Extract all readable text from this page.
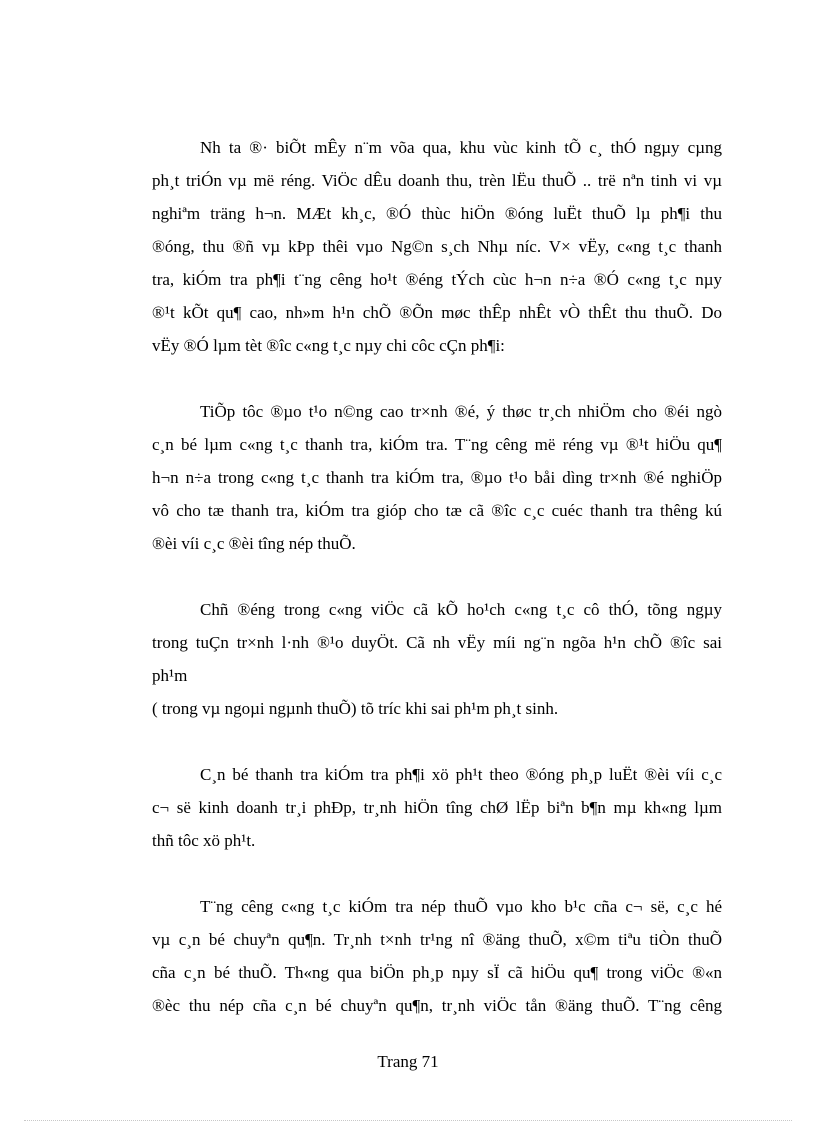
Nh ta ®· biÕt mÊy n¨m võa qua, khu vùc kinh tÕ c¸ thÓ ngµy cµng
ph¸t triÓn vµ më réng. ViÖc dÊu doanh thu, trèn lËu thuÕ .. trë nªn tinh vi vµ
nghiªm träng h¬n. MÆt kh¸c, ®Ó thùc hiÖn ®óng luËt thuÕ lµ ph¶i thu
®óng, thu ®ñ vµ kÞp thêi vµo Ng©n s¸ch Nhµ níc. V× vËy, c«ng t¸c thanh
tra, kiÓm tra ph¶i t¨ng cêng ho¹t ®éng tÝch cùc h¬n n÷a ®Ó c«ng t¸c nµy
®¹t kÕt qu¶ cao, nh»m h¹n chÕ ®Õn møc thÊp nhÊt vÒ thÊt thu thuÕ. Do
vËy ®Ó lµm tèt ®îc c«ng t¸c nµy chi côc cÇn ph¶i:
TiÕp tôc ®µo t¹o n©ng cao tr×nh ®é, ý thøc tr¸ch nhiÖm cho ®éi ngò
c¸n bé lµm c«ng t¸c thanh tra, kiÓm tra. T¨ng cêng më réng vµ ®¹t hiÖu qu¶
h¬n n÷a trong c«ng t¸c thanh tra kiÓm tra, ®µo t¹o båi dìng tr×nh ®é nghiÖp
vô cho tæ thanh tra, kiÓm tra gióp cho tæ cã ®îc c¸c cuéc thanh tra thêng kú
®èi víi c¸c ®èi tîng nép thuÕ.
Chñ ®éng trong c«ng viÖc cã kÕ ho¹ch c«ng t¸c cô thÓ, tõng ngµy
trong tuÇn tr×nh l·nh ®¹o duyÖt. Cã nh vËy míi ng¨n ngõa h¹n chÕ ®îc sai
ph¹m
( trong vµ ngoµi ngµnh thuÕ) tõ tríc khi sai ph¹m ph¸t sinh.
C¸n bé thanh tra kiÓm tra ph¶i xö ph¹t theo ®óng ph¸p luËt ®èi víi c¸c
c¬ së kinh doanh tr¸i phÐp, tr¸nh hiÖn tîng chØ lËp biªn b¶n mµ kh«ng lµm
thñ tôc xö ph¹t.
T¨ng cêng c«ng t¸c kiÓm tra nép thuÕ vµo kho b¹c cña c¬ së, c¸c hé
vµ c¸n bé chuyªn qu¶n. Tr¸nh t×nh tr¹ng nî ®äng thuÕ, x©m tiªu tiÒn thuÕ
cña c¸n bé thuÕ. Th«ng qua biÖn ph¸p nµy sÏ cã hiÖu qu¶ trong viÖc ®«n
®èc thu nép cña c¸n bé chuyªn qu¶n, tr¸nh viÖc tån ®äng thuÕ. T¨ng cêng
Trang 71
